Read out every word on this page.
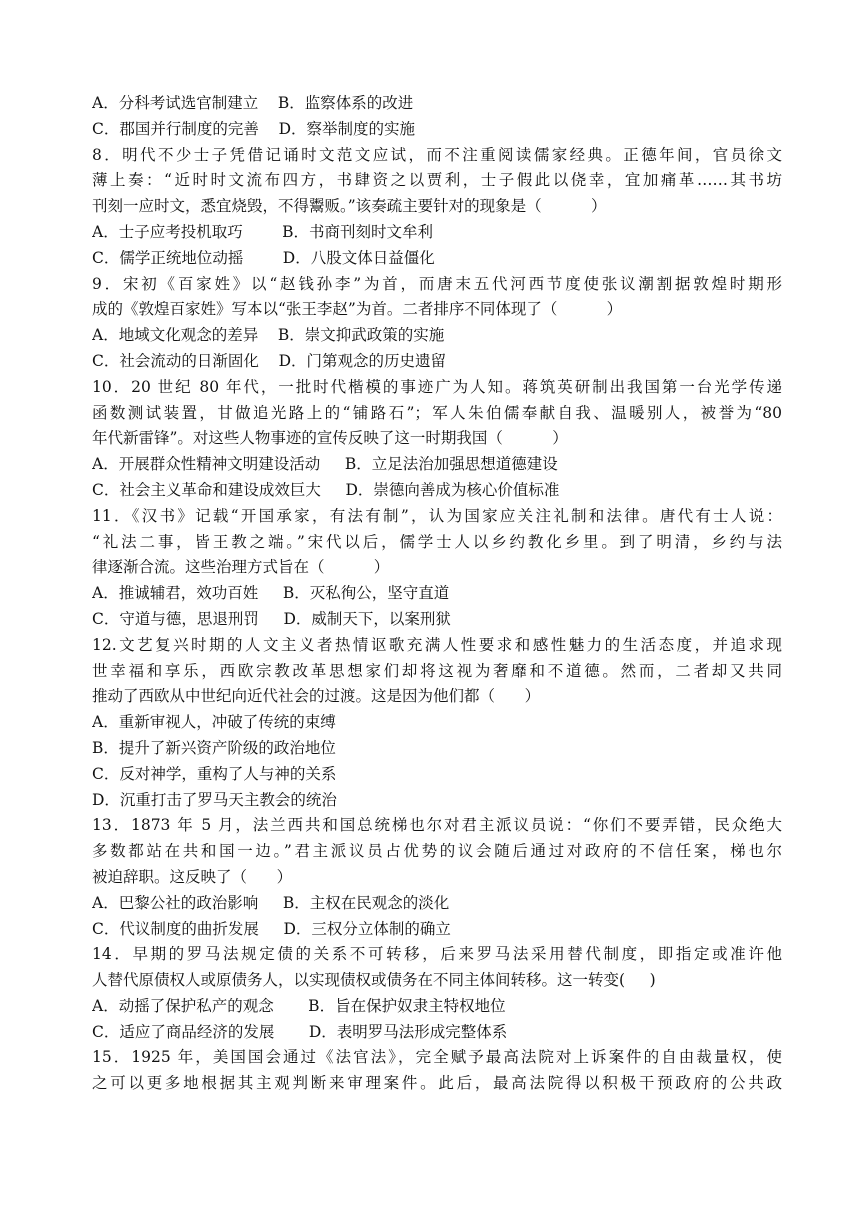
A．分科考试选官制建立    B．监察体系的改进
C．郡国并行制度的完善    D．察举制度的实施
8．明代不少士子凭借记诵时文范文应试，而不注重阅读儒家经典。正德年间，官员徐文
薄上奏：“近时时文流布四方，书肆资之以贾利，士子假此以侥幸，宜加痛革……其书坊
刊刻一应时文，悉宜烧毁，不得鬻贩。”该奏疏主要针对的现象是（          ）
A．士子应考投机取巧        B．书商刊刻时文牟利
C．儒学正统地位动摇        D．八股文体日益僵化
9．宋初《百家姓》以“赵钱孙李”为首，而唐末五代河西节度使张议潮割据敦煌时期形
成的《敦煌百家姓》写本以“张王李赵”为首。二者排序不同体现了（          ）
A．地域文化观念的差异    B．崇文抑武政策的实施
C．社会流动的日渐固化    D．门第观念的历史遗留
10．20 世纪 80 年代，一批时代楷模的事迹广为人知。蒋筑英研制出我国第一台光学传递
函数测试装置，甘做追光路上的“铺路石”；军人朱伯儒奉献自我、温暖别人，被誉为“80
年代新雷锋”。对这些人物事迹的宣传反映了这一时期我国（          ）
A．开展群众性精神文明建设活动     B．立足法治加强思想道德建设
C．社会主义革命和建设成效巨大     D．崇德向善成为核心价值标准
11．《汉书》记载“开国承家，有法有制”，认为国家应关注礼制和法律。唐代有士人说：
“礼法二事，皆王教之端。”宋代以后，儒学士人以乡约教化乡里。到了明清，乡约与法
律逐渐合流。这些治理方式旨在（          ）
A．推诚辅君，效功百姓     B．灭私徇公，坚守直道
C．守道与德，思退刑罚     D．威制天下，以案刑狱
12.文艺复兴时期的人文主义者热情讴歌充满人性要求和感性魅力的生活态度，并追求现
世幸福和享乐，西欧宗教改革思想家们却将这视为奢靡和不道德。然而，二者却又共同
推动了西欧从中世纪向近代社会的过渡。这是因为他们都（      ）
A．重新审视人，冲破了传统的束缚
B．提升了新兴资产阶级的政治地位
C．反对神学，重构了人与神的关系
D．沉重打击了罗马天主教会的统治
13．1873 年 5 月，法兰西共和国总统梯也尔对君主派议员说：“你们不要弄错，民众绝大
多数都站在共和国一边。”君主派议员占优势的议会随后通过对政府的不信任案，梯也尔
被迫辞职。这反映了（      ）
A．巴黎公社的政治影响     B．主权在民观念的淡化
C．代议制度的曲折发展     D．三权分立体制的确立
14．早期的罗马法规定债的关系不可转移，后来罗马法采用替代制度，即指定或准许他
人替代原债权人或原债务人，以实现债权或债务在不同主体间转移。这一转变(     )
A．动摇了保护私产的观念       B．旨在保护奴隶主特权地位
C．适应了商品经济的发展       D．表明罗马法形成完整体系
15．1925 年，美国国会通过《法官法》，完全赋予最高法院对上诉案件的自由裁量权，使
之可以更多地根据其主观判断来审理案件。此后，最高法院得以积极干预政府的公共政
